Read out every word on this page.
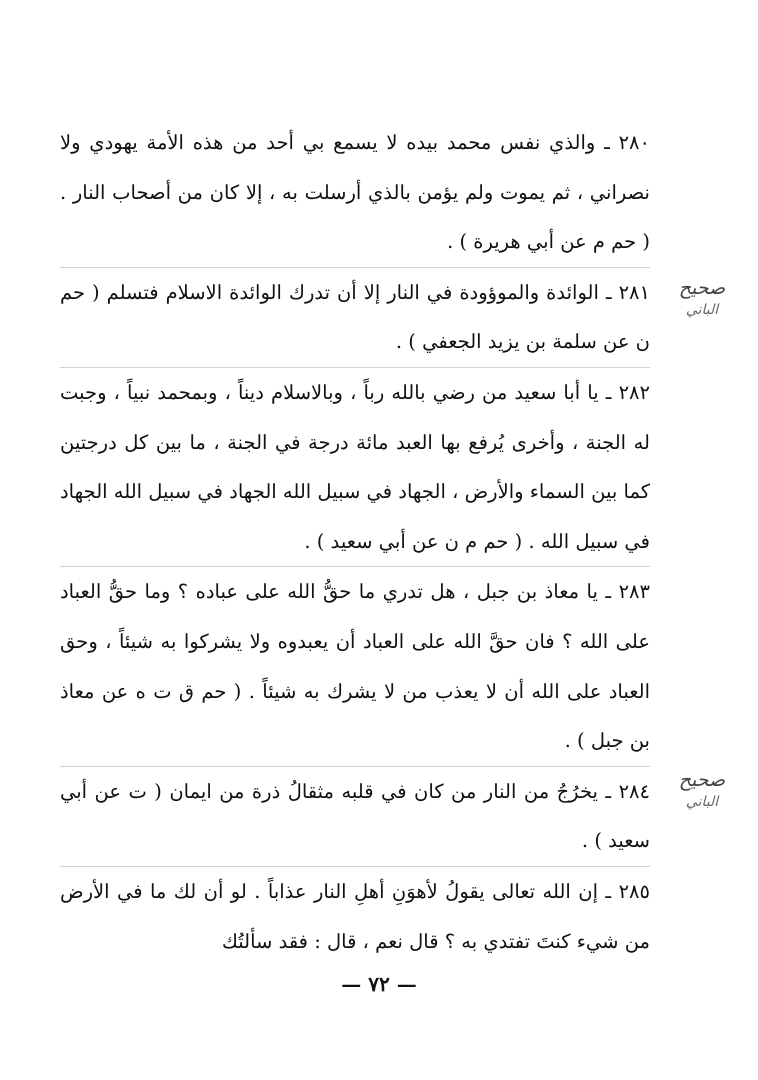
٢٨٠ ـ والذي نفس محمد بيده لا يسمع بي أحد من هذه الأمة يهودي ولا نصراني ، ثم يموت ولم يؤمن بالذي أرسلت به ، إلا كان من أصحاب النار . ( حم م عن أبي هريرة ) .

٢٨١ ـ الوائدة والموؤودة في النار إلا أن تدرك الوائدة الاسلام فتسلم ( حم ن عن سلمة بن يزيد الجعفي ) .

٢٨٢ ـ يا أبا سعيد من رضي بالله رباً ، وبالاسلام ديناً ، وبمحمد نبياً ، وجبت له الجنة ، وأخرى يُرفع بها العبد مائة درجة في الجنة ، ما بين كل درجتين كما بين السماء والأرض ، الجهاد في سبيل الله الجهاد في سبيل الله الجهاد في سبيل الله . ( حم م ن عن أبي سعيد ) .

٢٨٣ ـ يا معاذ بن جبل ، هل تدري ما حقُّ الله على عباده ؟ وما حقُّ العباد على الله ؟ فان حقَّ الله على العباد أن يعبدوه ولا يشركوا به شيئاً ، وحق العباد على الله أن لا يعذب من لا يشرك به شيئاً . ( حم ق ت ه عن معاذ بن جبل ) .

٢٨٤ ـ يخرُجُ من النار من كان في قلبه مثقالُ ذرة من ايمان ( ت عن أبي سعيد ) .

٢٨٥ ـ إن الله تعالى يقولُ لأهوَنِ أهلِ النار عذاباً . لو أن لك ما في الأرض من شيء كنتَ تفتدي به ؟ قال نعم ، قال : فقد سألتُك

صحيح
الباني
صحيح
الباني
— ٧٢ —
